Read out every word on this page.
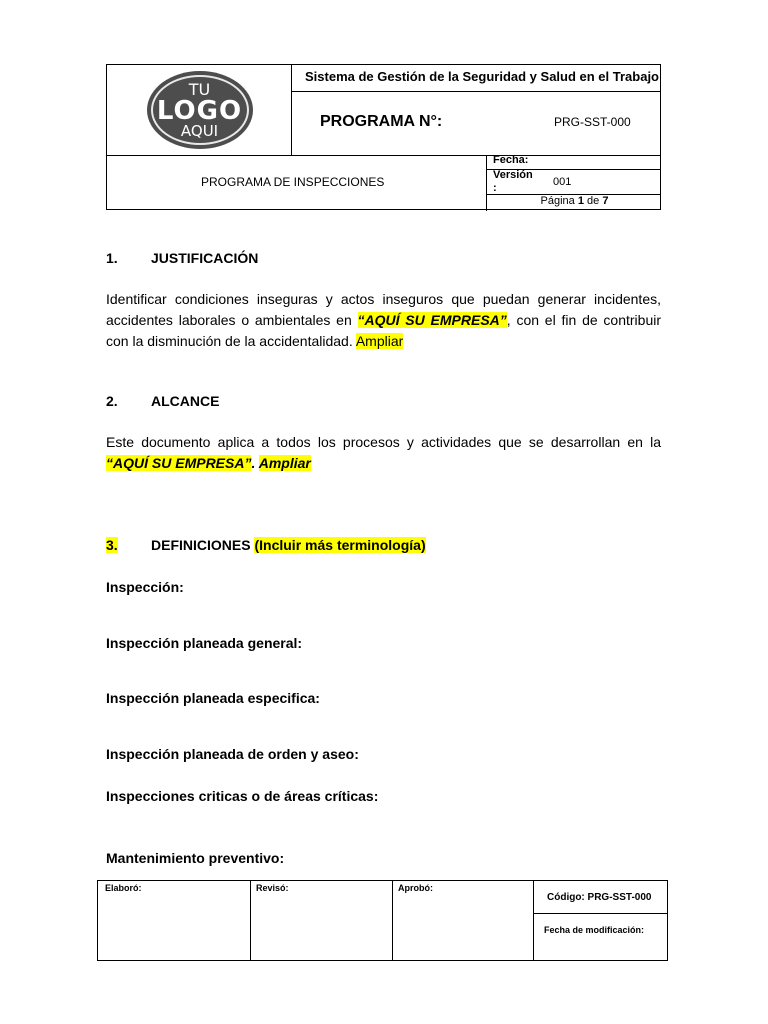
TU
LOGO
AQUI
Sistema de Gestión de la Seguridad y Salud en el Trabajo
PROGRAMA N°:	PRG-SST-000
PROGRAMA DE INSPECCIONES
Fecha:
Versión :	001
Página 1 de 7
1. JUSTIFICACIÓN
Identificar condiciones inseguras y actos inseguros que puedan generar incidentes, accidentes laborales o ambientales en “AQUÍ SU EMPRESA”, con el fin de contribuir con la disminución de la accidentalidad. Ampliar
2. ALCANCE
Este documento aplica a todos los procesos y actividades que se desarrollan en la “AQUÍ SU EMPRESA”. Ampliar
3. DEFINICIONES (Incluir más terminología)
Inspección:
Inspección planeada general:
Inspección planeada especifica:
Inspección planeada de orden y aseo:
Inspecciones criticas o de áreas críticas:
Mantenimiento preventivo:
Elaboró:	Revisó:	Aprobó:
Código: PRG-SST-000
Fecha de modificación:
